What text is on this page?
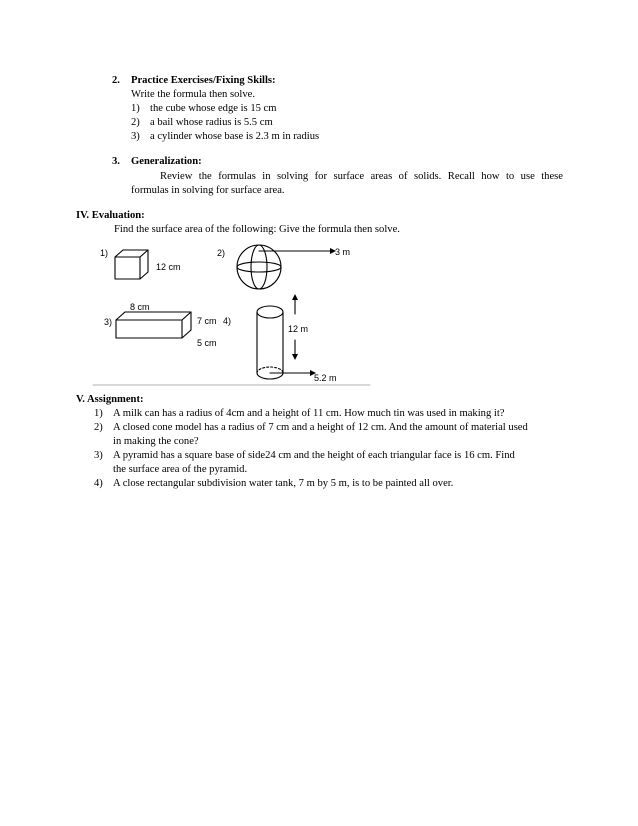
2. Practice Exercises/Fixing Skills:
Write the formula then solve.
1) the cube whose edge is 15 cm
2) a bail whose radius is 5.5 cm
3) a cylinder whose base is 2.3 m in radius
3. Generalization:
Review the formulas in solving for surface areas of solids. Recall how to use these
formulas in solving for surface area.
IV. Evaluation:
Find the surface area of the following: Give the formula then solve.
1)
12 cm
2)	3 m
3)
8 cm
7 cm
5 cm
4)
12 m
5.2 m
V. Assignment:
1) A milk can has a radius of 4cm and a height of 11 cm. How much tin was used in making it?
2) A closed cone model has a radius of 7 cm and a height of 12 cm. And the amount of material used
in making the cone?
3) A pyramid has a square base of side24 cm and the height of each triangular face is 16 cm. Find
the surface area of the pyramid.
4) A close rectangular subdivision water tank, 7 m by 5 m, is to be painted all over.
